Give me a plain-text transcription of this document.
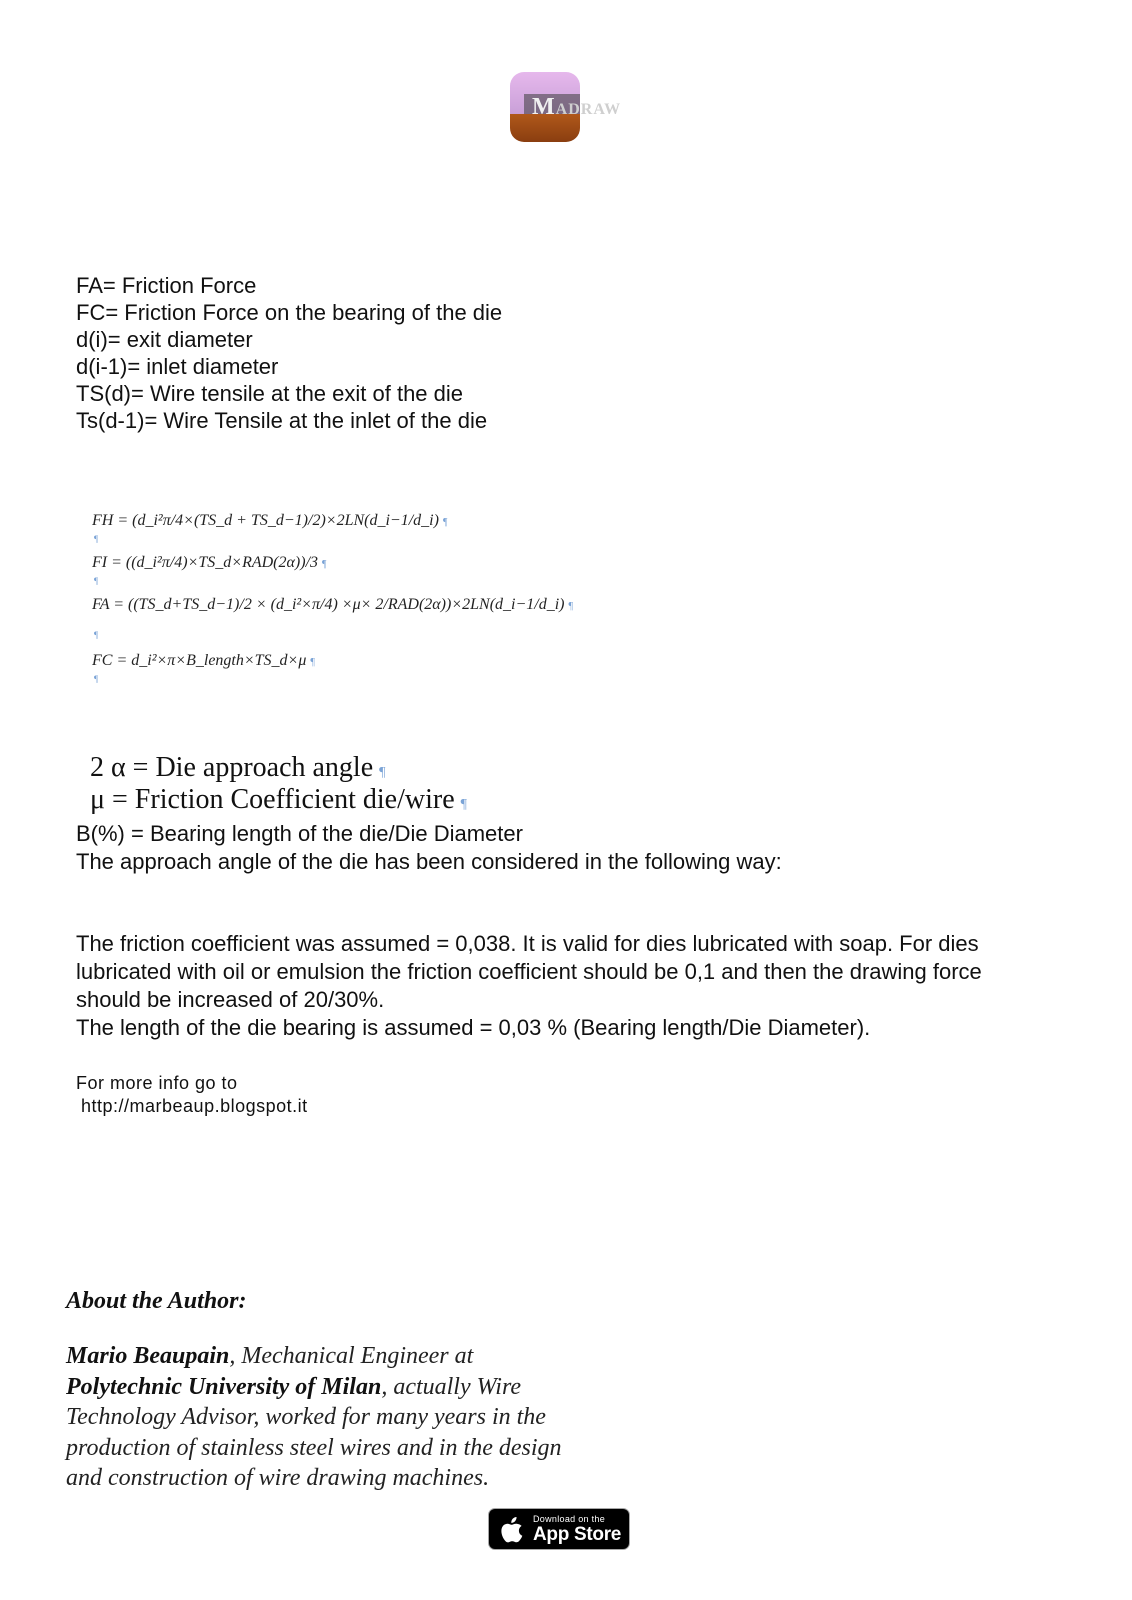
MADRAW
FA= Friction Force
FC= Friction Force on the bearing of the die
d(i)= exit diameter
d(i-1)= inlet diameter
TS(d)= Wire tensile at the exit of the die
Ts(d-1)= Wire Tensile at the inlet of the die
FH = (d_i²π/4×(TS_d + TS_d−1)/2)×2LN(d_i−1/d_i) ¶
¶
FI = ((d_i²π/4)×TS_d×RAD(2α))/3 ¶
¶
FA = ((TS_d+TS_d−1)/2 × (d_i²×π/4) ×μ× 2/RAD(2α))×2LN(d_i−1/d_i) ¶
¶
FC = d_i²×π×B_length×TS_d×μ ¶
¶
2 α = Die approach angle ¶
μ = Friction Coefficient die/wire ¶
B(%) = Bearing length of the die/Die Diameter
The approach angle of the die has been considered in the following way:
The friction coefficient was assumed = 0,038. It is valid for dies lubricated with soap. For dies lubricated with oil or emulsion the friction coefficient should be 0,1 and then the drawing force should be increased of 20/30%.
The length of the die bearing is assumed = 0,03 % (Bearing length/Die Diameter).
For more info go to
http://marbeaup.blogspot.it
About the Author:
Mario Beaupain, Mechanical Engineer at Polytechnic University of Milan, actually Wire Technology Advisor, worked for many years in the production of stainless steel wires and in the design and construction of wire drawing machines.
Download on the
App Store
